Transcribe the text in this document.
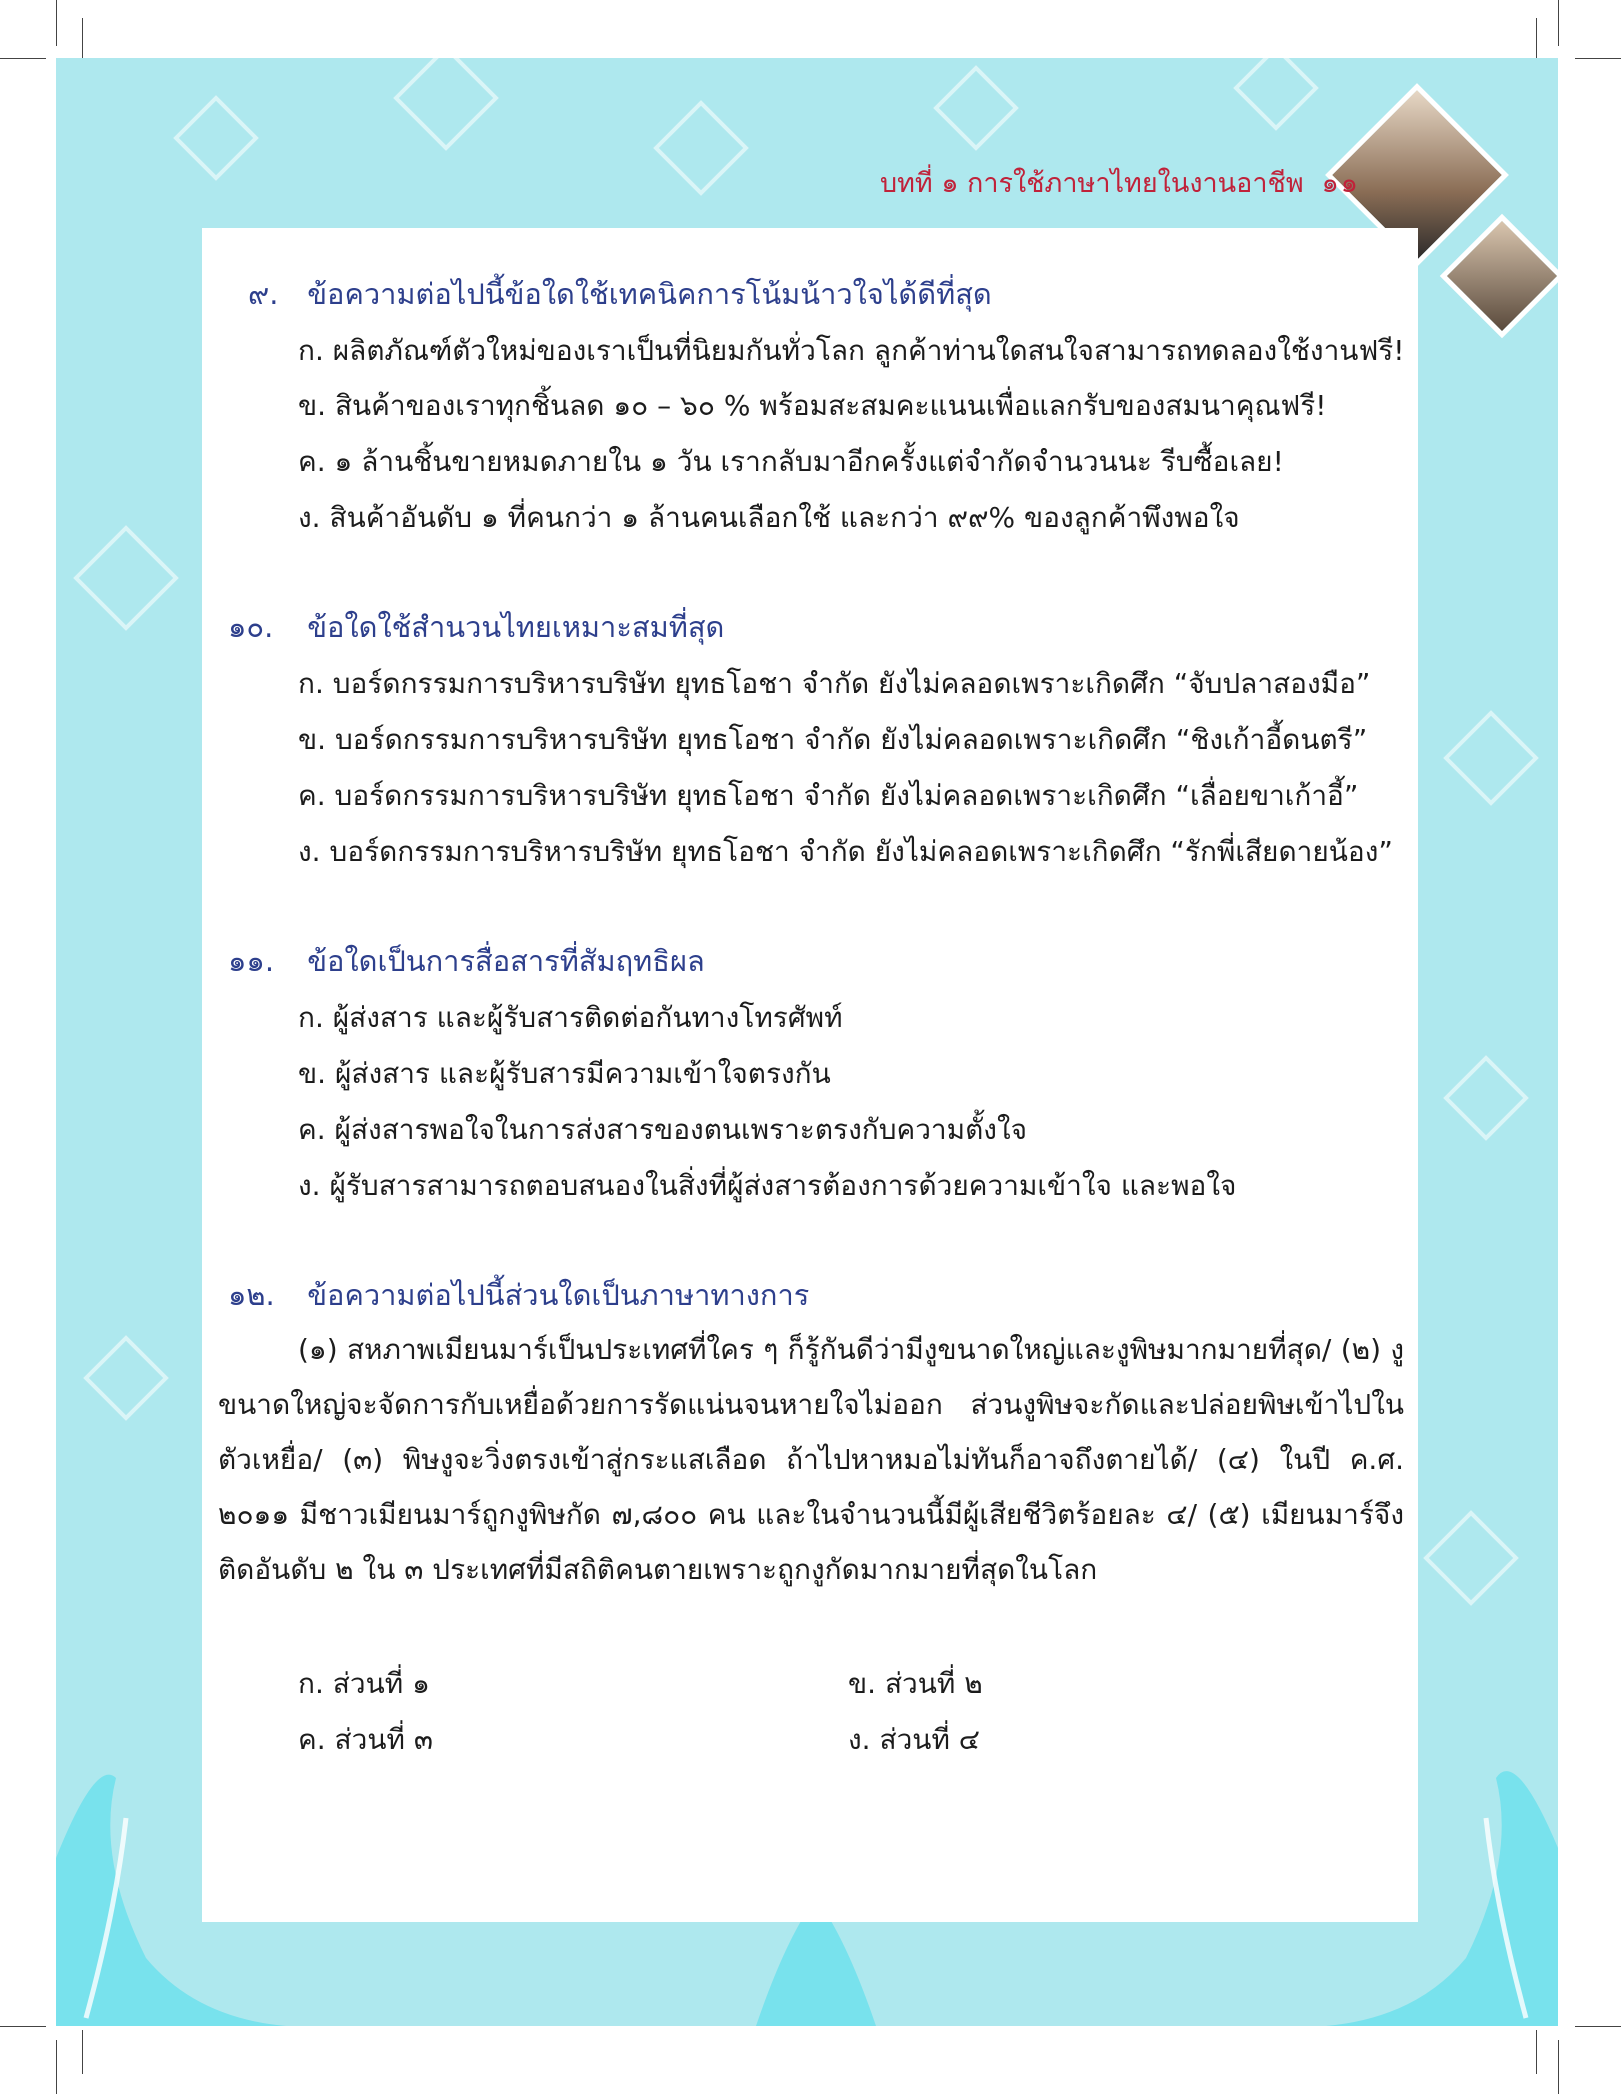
บทที่ ๑ การใช้ภาษาไทยในงานอาชีพ ๑๑
๙. ข้อความต่อไปนี้ข้อใดใช้เทคนิคการโน้มน้าวใจได้ดีที่สุด
ก. ผลิตภัณฑ์ตัวใหม่ของเราเป็นที่นิยมกันทั่วโลก ลูกค้าท่านใดสนใจสามารถทดลองใช้งานฟรี!
ข. สินค้าของเราทุกชิ้นลด ๑๐ – ๖๐ % พร้อมสะสมคะแนนเพื่อแลกรับของสมนาคุณฟรี!
ค. ๑ ล้านชิ้นขายหมดภายใน ๑ วัน เรากลับมาอีกครั้งแต่จำกัดจำนวนนะ รีบซื้อเลย!
ง. สินค้าอันดับ ๑ ที่คนกว่า ๑ ล้านคนเลือกใช้ และกว่า ๙๙% ของลูกค้าพึงพอใจ
๑๐. ข้อใดใช้สำนวนไทยเหมาะสมที่สุด
ก. บอร์ดกรรมการบริหารบริษัท ยุทธโอชา จำกัด ยังไม่คลอดเพราะเกิดศึก “จับปลาสองมือ”
ข. บอร์ดกรรมการบริหารบริษัท ยุทธโอชา จำกัด ยังไม่คลอดเพราะเกิดศึก “ชิงเก้าอี้ดนตรี”
ค. บอร์ดกรรมการบริหารบริษัท ยุทธโอชา จำกัด ยังไม่คลอดเพราะเกิดศึก “เลื่อยขาเก้าอี้”
ง. บอร์ดกรรมการบริหารบริษัท ยุทธโอชา จำกัด ยังไม่คลอดเพราะเกิดศึก “รักพี่เสียดายน้อง”
๑๑. ข้อใดเป็นการสื่อสารที่สัมฤทธิผล
ก. ผู้ส่งสาร และผู้รับสารติดต่อกันทางโทรศัพท์
ข. ผู้ส่งสาร และผู้รับสารมีความเข้าใจตรงกัน
ค. ผู้ส่งสารพอใจในการส่งสารของตนเพราะตรงกับความตั้งใจ
ง. ผู้รับสารสามารถตอบสนองในสิ่งที่ผู้ส่งสารต้องการด้วยความเข้าใจ และพอใจ
๑๒. ข้อความต่อไปนี้ส่วนใดเป็นภาษาทางการ

(๑) สหภาพเมียนมาร์เป็นประเทศที่ใคร ๆ ก็รู้กันดีว่ามีงูขนาดใหญ่และงูพิษมากมายที่สุด/ (๒) งูขนาดใหญ่จะจัดการกับเหยื่อด้วยการรัดแน่นจนหายใจไม่ออก ส่วนงูพิษจะกัดและปล่อยพิษเข้าไปในตัวเหยื่อ/ (๓) พิษงูจะวิ่งตรงเข้าสู่กระแสเลือด ถ้าไปหาหมอไม่ทันก็อาจถึงตายได้/ (๔) ในปี ค.ศ. ๒๐๑๑ มีชาวเมียนมาร์ถูกงูพิษกัด ๗,๘๐๐ คน และในจำนวนนี้มีผู้เสียชีวิตร้อยละ ๔/ (๕) เมียนมาร์จึงติดอันดับ ๒ ใน ๓ ประเทศที่มีสถิติคนตายเพราะถูกงูกัดมากมายที่สุดในโลก

ก. ส่วนที่ ๑	ข. ส่วนที่ ๒
ค. ส่วนที่ ๓	ง. ส่วนที่ ๔
